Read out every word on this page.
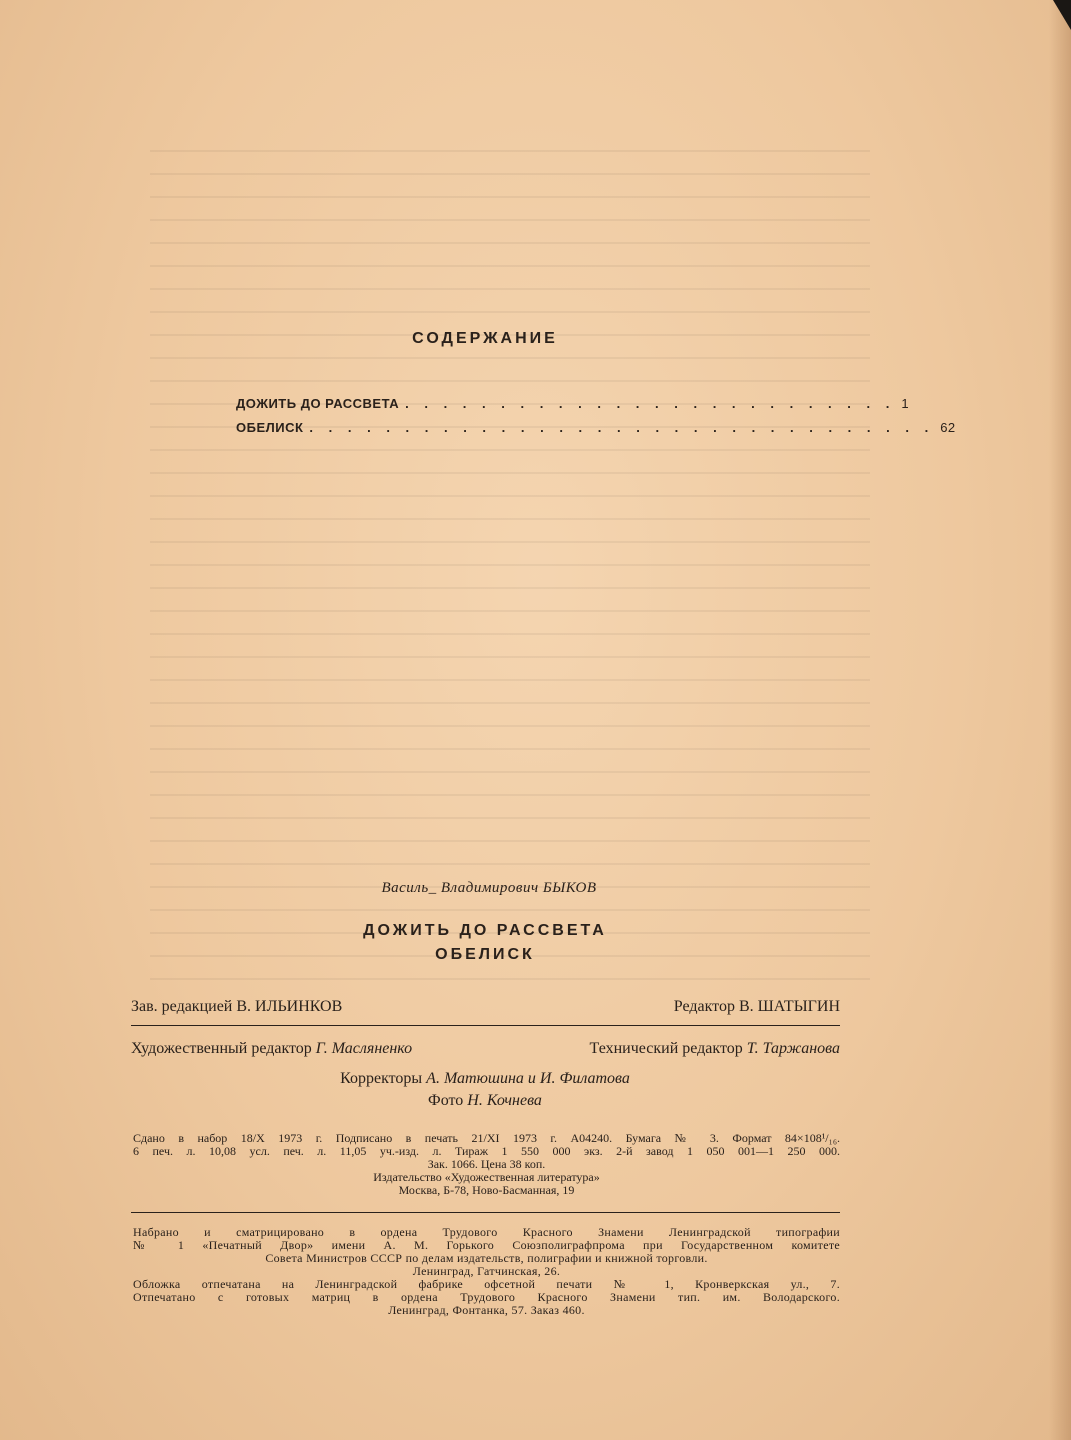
СОДЕРЖАНИЕ
ДОЖИТЬ ДО РАССВЕТА . . . . . . . . . . . . . . . . . . . . . . . . . . 1
ОБЕЛИСК . . . . . . . . . . . . . . . . . . . . . . . . . . . . . . . . . 62
Василь_ Владимирович БЫКОВ
ДОЖИТЬ ДО РАССВЕТА
ОБЕЛИСК
Зав. редакцией В. ИЛЬИНКОВ	Редактор В. ШАТЫГИН
Художественный редактор Г. Масляненко	Технический редактор Т. Таржанова
Корректоры А. Матюшина и И. Филатова
Фото Н. Кочнева
Сдано в набор 18/X 1973 г. Подписано в печать 21/XI 1973 г. А04240. Бумага № 3. Формат 84×108¹/₁₆.
6 печ. л. 10,08 усл. печ. л. 11,05 уч.-изд. л. Тираж 1 550 000 экз. 2-й завод 1 050 001—1 250 000.
Зак. 1066. Цена 38 коп.
Издательство «Художественная литература»
Москва, Б-78, Ново-Басманная, 19
Набрано и сматрицировано в ордена Трудового Красного Знамени Ленинградской типографии
№ 1 «Печатный Двор» имени А. М. Горького Союзполиграфпрома при Государственном комитете
Совета Министров СССР по делам издательств, полиграфии и книжной торговли.
Ленинград, Гатчинская, 26.
Обложка отпечатана на Ленинградской фабрике офсетной печати № 1, Кронверкская ул., 7.
Отпечатано с готовых матриц в ордена Трудового Красного Знамени тип. им. Володарского.
Ленинград, Фонтанка, 57. Заказ 460.
